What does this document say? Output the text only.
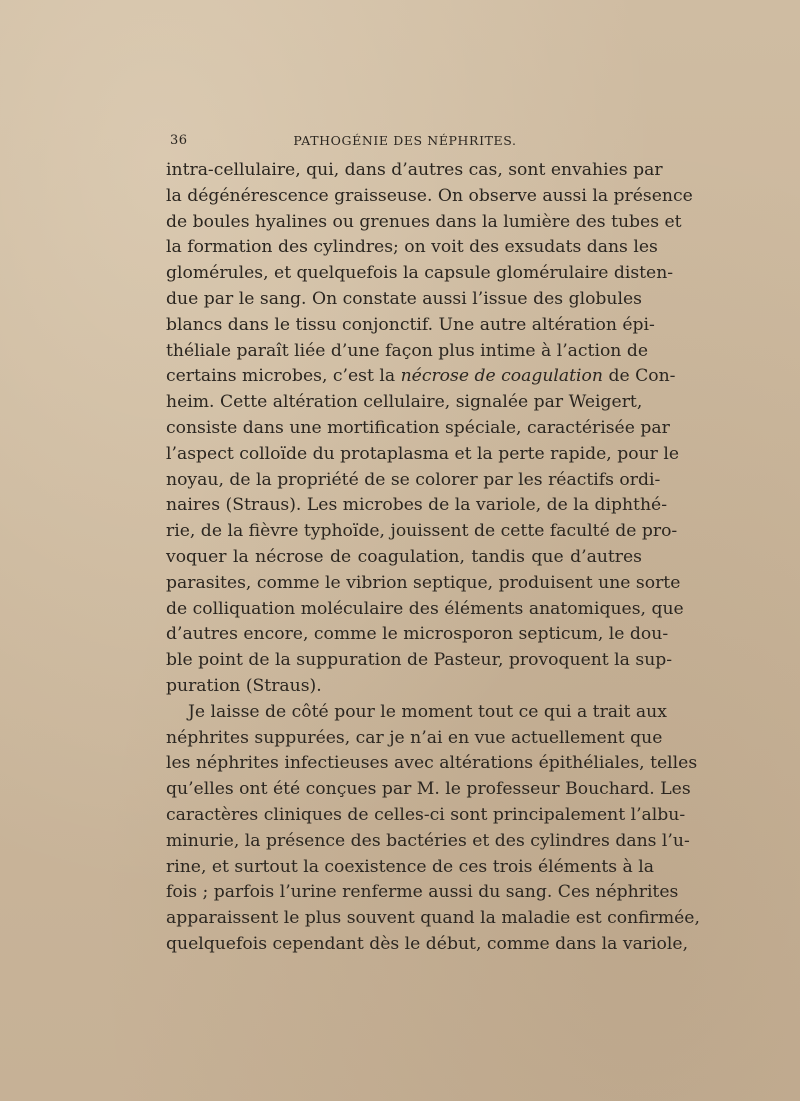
36	PATHOGÉNIE DES NÉPHRITES.
intra-cellulaire, qui, dans d’autres cas, sont envahies par
la dégénérescence graisseuse. On observe aussi la présence
de boules hyalines ou grenues dans la lumière des tubes et
la formation des cylindres; on voit des exsudats dans les
glomérules, et quelquefois la capsule glomérulaire disten-
due par le sang. On constate aussi l’issue des globules
blancs dans le tissu conjonctif. Une autre altération épi-
théliale paraît liée d’une façon plus intime à l’action de
certains microbes, c’est la nécrose de coagulation de Con-
heim. Cette altération cellulaire, signalée par Weigert,
consiste dans une mortification spéciale, caractérisée par
l’aspect colloïde du protaplasma et la perte rapide, pour le
noyau, de la propriété de se colorer par les réactifs ordi-
naires (Straus). Les microbes de la variole, de la diphthé-
rie, de la fièvre typhoïde, jouissent de cette faculté de pro-
voquer la nécrose de coagulation, tandis que d’autres
parasites, comme le vibrion septique, produisent une sorte
de colliquation moléculaire des éléments anatomiques, que
d’autres encore, comme le microsporon septicum, le dou-
ble point de la suppuration de Pasteur, provoquent la sup-
puration (Straus).
Je laisse de côté pour le moment tout ce qui a trait aux
néphrites suppurées, car je n’ai en vue actuellement que
les néphrites infectieuses avec altérations épithéliales, telles
qu’elles ont été conçues par M. le professeur Bouchard. Les
caractères cliniques de celles-ci sont principalement l’albu-
minurie, la présence des bactéries et des cylindres dans l’u-
rine, et surtout la coexistence de ces trois éléments à la
fois ; parfois l’urine renferme aussi du sang. Ces néphrites
apparaissent le plus souvent quand la maladie est confirmée,
quelquefois cependant dès le début, comme dans la variole,
